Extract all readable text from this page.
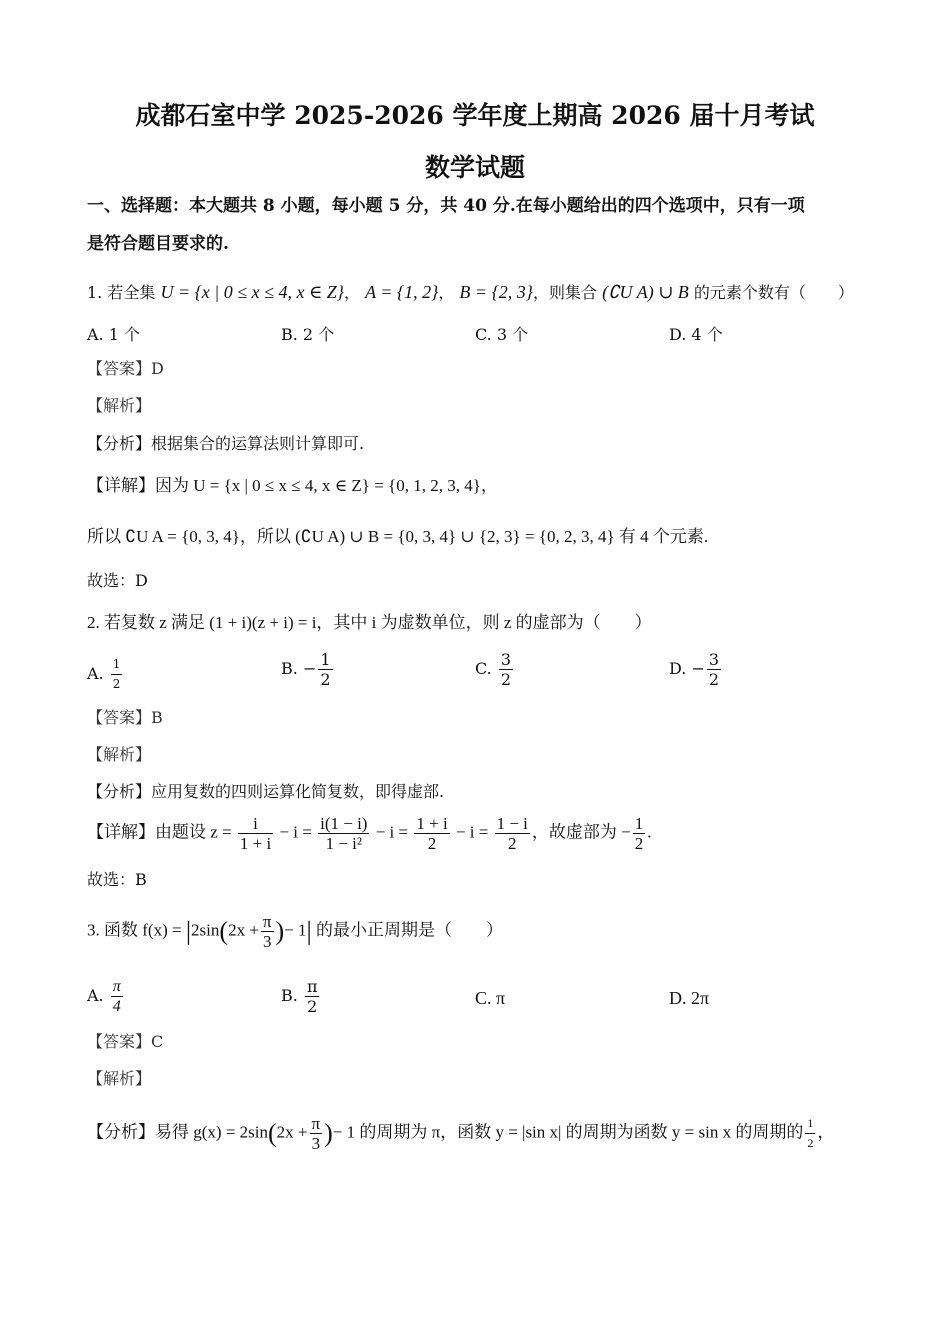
成都石室中学 2025-2026 学年度上期高 2026 届十月考试
数学试题
一、选择题：本大题共 8 小题，每小题 5 分，共 40 分.在每小题给出的四个选项中，只有一项
是符合题目要求的.
1. 若全集 U = {x | 0 ≤ x ≤ 4, x ∈ Z}， A = {1, 2}， B = {2, 3}，则集合 (∁U A) ∪ B 的元素个数有（　　）
A. 1 个	B. 2 个	C. 3 个	D. 4 个
【答案】D
【解析】
【分析】根据集合的运算法则计算即可.
【详解】因为 U = {x | 0 ≤ x ≤ 4, x ∈ Z} = {0, 1, 2, 3, 4}，
所以 ∁U A = {0, 3, 4}，所以 (∁U A) ∪ B = {0, 3, 4} ∪ {2, 3} = {0, 2, 3, 4} 有 4 个元素.
故选：D
2. 若复数 z 满足 (1 + i)(z + i) = i，其中 i 为虚数单位，则 z 的虚部为（　　）
A. $\frac{1}{2}$	B. − $\frac{1}{2}$	C. $\frac{3}{2}$	D. − $\frac{3}{2}$
【答案】B
【解析】
【分析】应用复数的四则运算化简复数，即得虚部.
【详解】由题设 $z = \frac{i}{1 + i} - i = \frac{i(1 - i)}{\text{1 − i²}} - i = \frac{1 + i}{2} - i = \frac{1 - i}{2}$ ，故虚部为 − $\frac{1}{2}$ .
故选：B
3. 函数 $f(x) = |2\sin(2x + \frac{\pi}{3}$ )− 1| 的最小正周期是（　　）
A. $\frac{\pi}{4}$	B. $\frac{\pi}{2}$	C. π	D. 2π
【答案】C
【解析】
【分析】易得 $g(x) = 2\sin(2x + \frac{\pi}{3}$ )− 1 的周期为 π，函数 y = |sin x| 的周期为函数 y = sin x 的周期的 $\frac{1}{2}$ ，
